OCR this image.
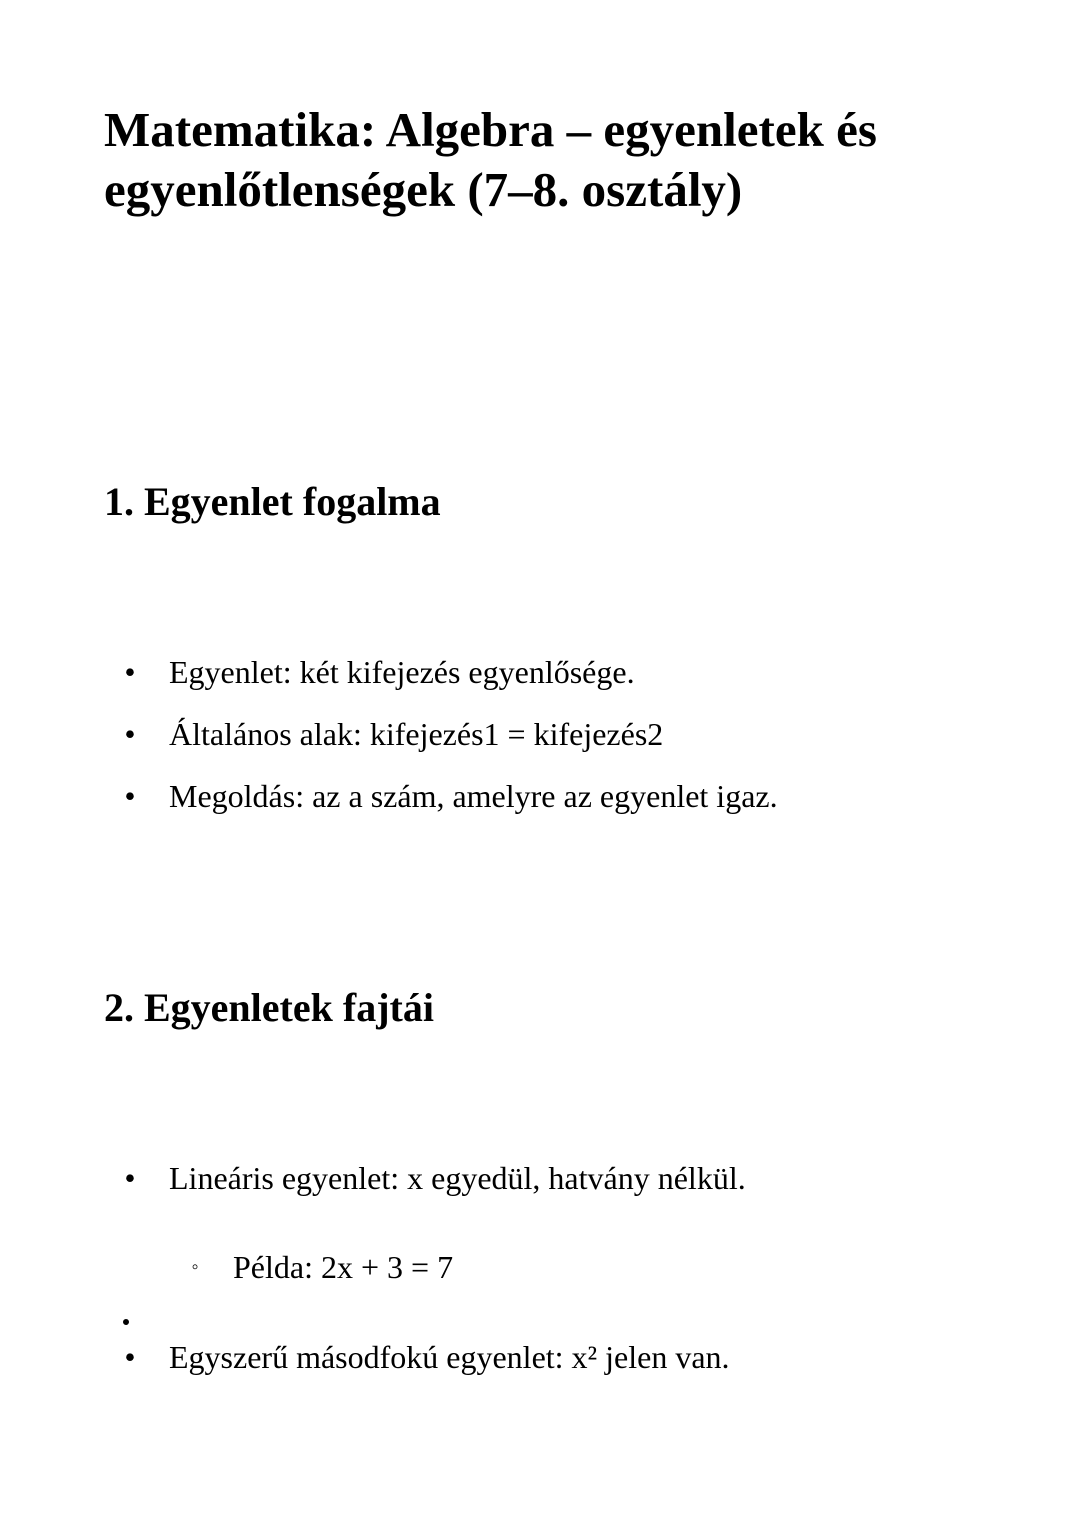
Matematika: Algebra – egyenletek és egyenlőtlenségek (7–8. osztály)
1. Egyenlet fogalma
• Egyenlet: két kifejezés egyenlősége.
• Általános alak: kifejezés1 = kifejezés2
• Megoldás: az a szám, amelyre az egyenlet igaz.
2. Egyenletek fajtái
• Lineáris egyenlet: x egyedül, hatvány nélkül.
◦ Példa: 2x + 3 = 7
• Egyszerű másodfokú egyenlet: x² jelen van.
